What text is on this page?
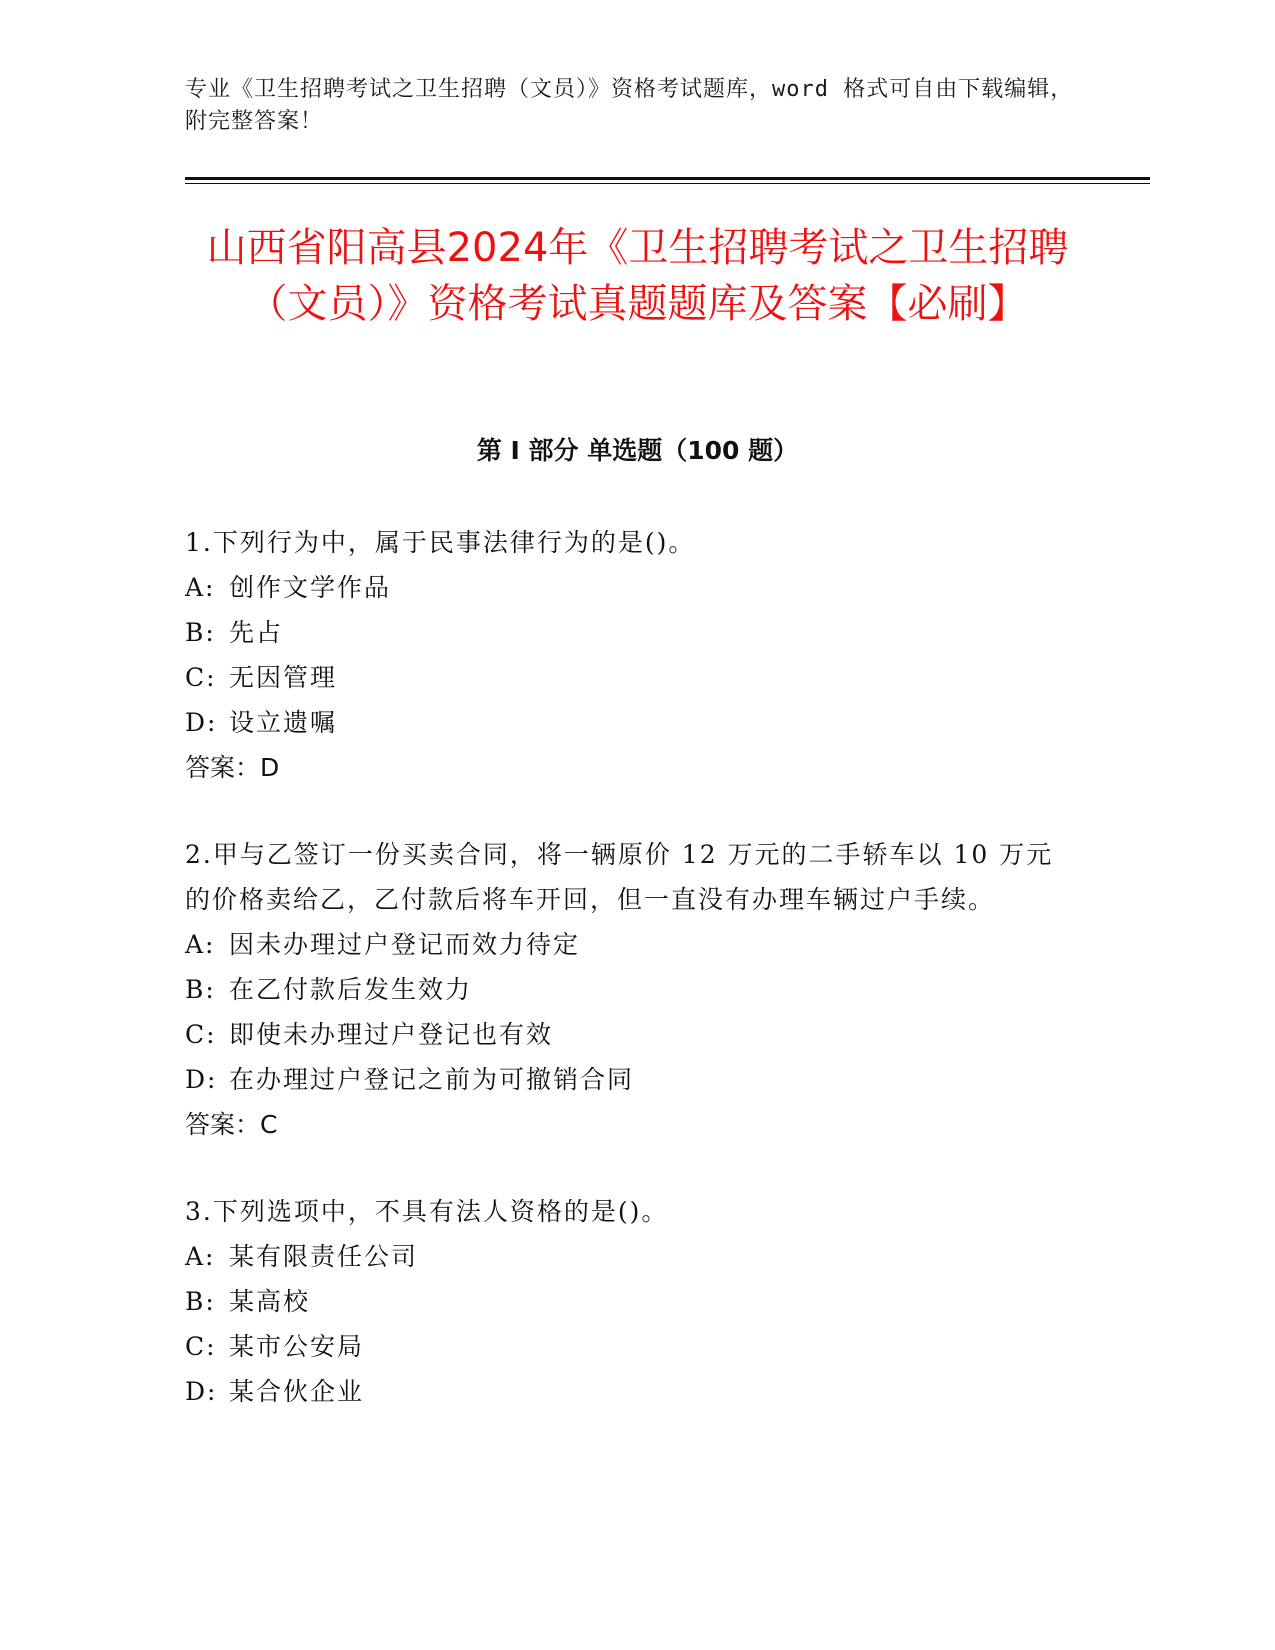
专业《卫生招聘考试之卫生招聘（文员）》资格考试题库，word 格式可自由下载编辑，附完整答案！
山西省阳高县2024年《卫生招聘考试之卫生招聘（文员）》资格考试真题题库及答案【必刷】
第 I 部分 单选题（100 题）

1.下列行为中，属于民事法律行为的是()。

A: 创作文学作品
B: 先占
C: 无因管理
D: 设立遗嘱
答案：D

2.甲与乙签订一份买卖合同，将一辆原价 12 万元的二手轿车以 10 万元的价格卖给乙，乙付款后将车开回，但一直没有办理车辆过户手续。

A: 因未办理过户登记而效力待定
B: 在乙付款后发生效力
C: 即使未办理过户登记也有效
D: 在办理过户登记之前为可撤销合同
答案：C

3.下列选项中，不具有法人资格的是()。

A: 某有限责任公司
B: 某高校
C: 某市公安局
D: 某合伙企业
